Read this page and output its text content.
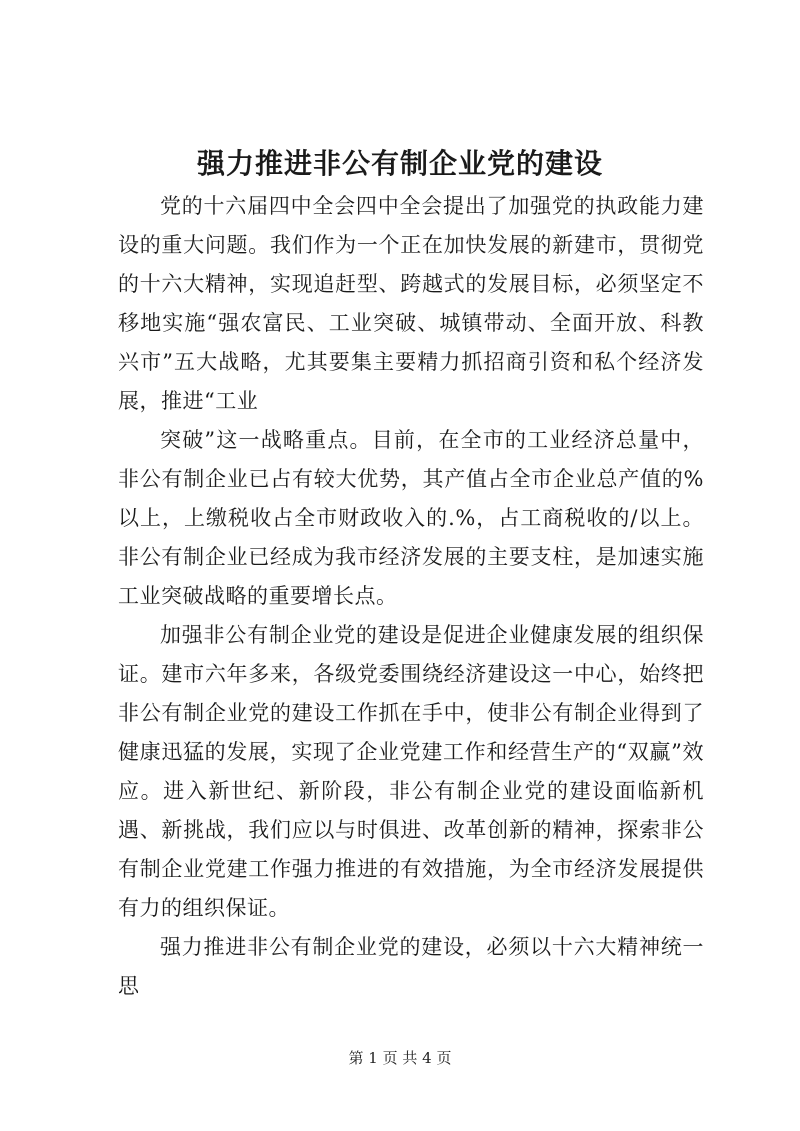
强力推进非公有制企业党的建设

党的十六届四中全会四中全会提出了加强党的执政能力建设的重大问题。我们作为一个正在加快发展的新建市，贯彻党的十六大精神，实现追赶型、跨越式的发展目标，必须坚定不移地实施“强农富民、工业突破、城镇带动、全面开放、科教兴市”五大战略，尤其要集主要精力抓招商引资和私个经济发展，推进“工业

突破”这一战略重点。目前，在全市的工业经济总量中，非公有制企业已占有较大优势，其产值占全市企业总产值的%以上，上缴税收占全市财政收入的.%，占工商税收的/以上。非公有制企业已经成为我市经济发展的主要支柱，是加速实施工业突破战略的重要增长点。

加强非公有制企业党的建设是促进企业健康发展的组织保证。建市六年多来，各级党委围绕经济建设这一中心，始终把非公有制企业党的建设工作抓在手中，使非公有制企业得到了健康迅猛的发展，实现了企业党建工作和经营生产的“双赢”效应。进入新世纪、新阶段，非公有制企业党的建设面临新机遇、新挑战，我们应以与时俱进、改革创新的精神，探索非公有制企业党建工作强力推进的有效措施，为全市经济发展提供有力的组织保证。

强力推进非公有制企业党的建设，必须以十六大精神统一思

第 1 页 共 4 页
